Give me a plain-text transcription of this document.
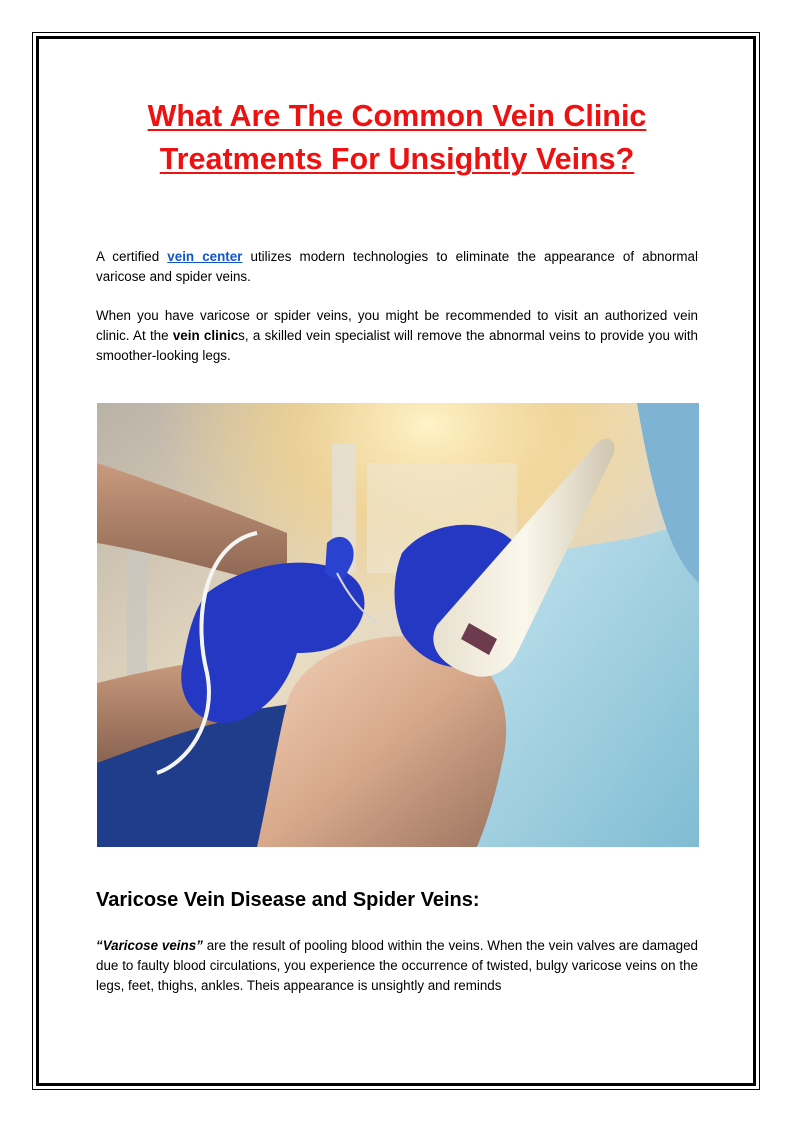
What Are The Common Vein Clinic Treatments For Unsightly Veins?

A certified vein center utilizes modern technologies to eliminate the appearance of abnormal varicose and spider veins.

When you have varicose or spider veins, you might be recommended to visit an authorized vein clinic. At the vein clinics, a skilled vein specialist will remove the abnormal veins to provide you with smoother-looking legs.

Varicose Vein Disease and Spider Veins:

“Varicose veins” are the result of pooling blood within the veins. When the vein valves are damaged due to faulty blood circulations, you experience the occurrence of twisted, bulgy varicose veins on the legs, feet, thighs, ankles. Theis appearance is unsightly and reminds
